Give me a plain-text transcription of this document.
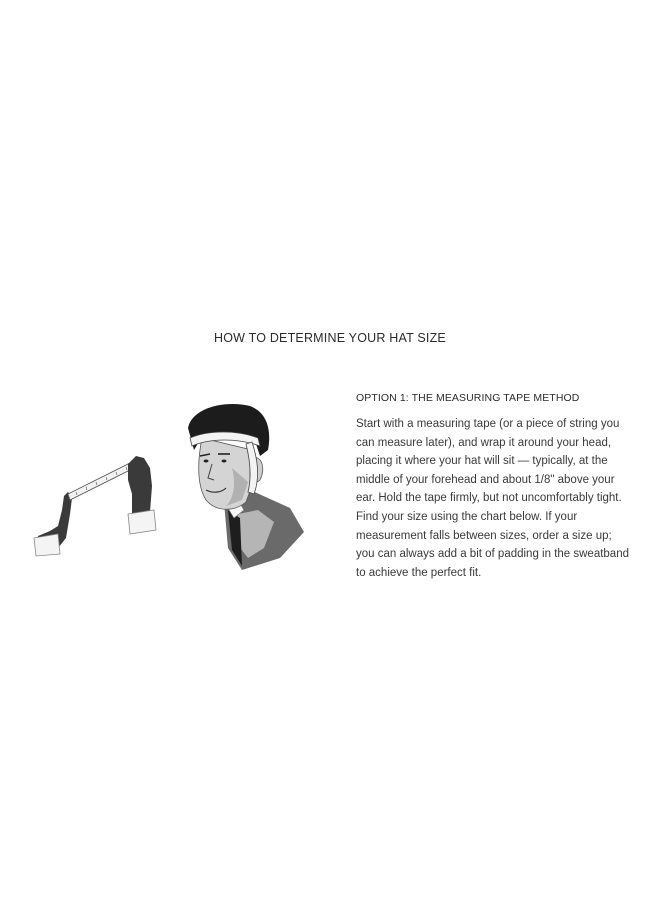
HOW TO DETERMINE YOUR HAT SIZE
OPTION 1: THE MEASURING TAPE METHOD

Start with a measuring tape (or a piece of string you can measure later), and wrap it around your head, placing it where your hat will sit — typically, at the middle of your forehead and about 1/8" above your ear. Hold the tape firmly, but not uncomfortably tight. Find your size using the chart below. If your measurement falls between sizes, order a size up; you can always add a bit of padding in the sweatband to achieve the perfect fit.
